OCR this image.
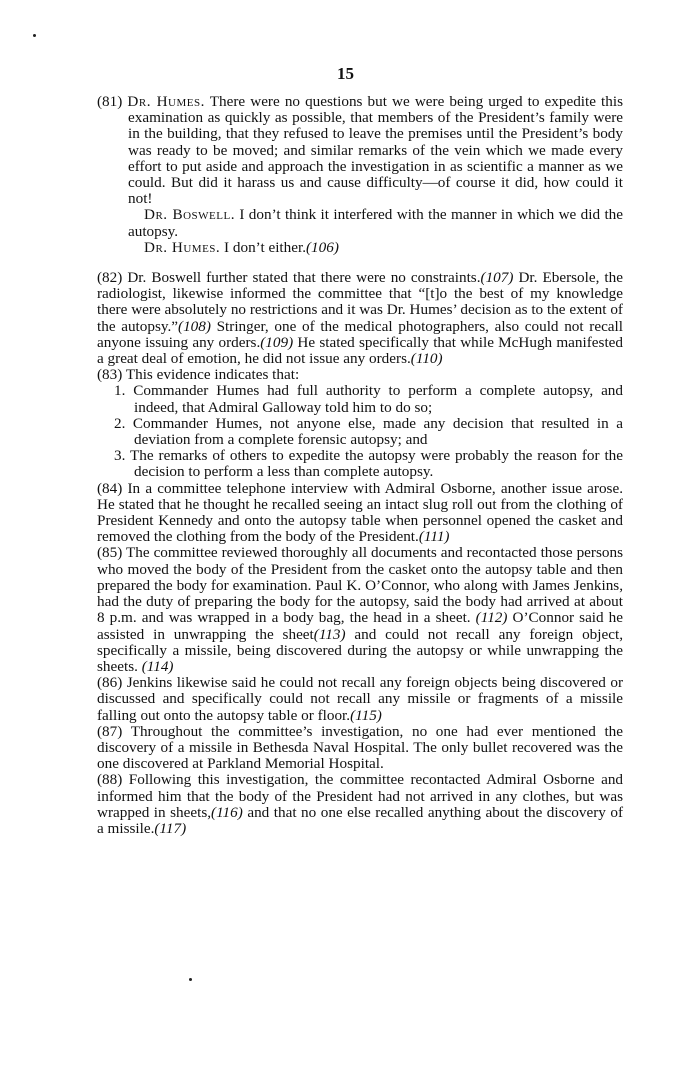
15

(81) Dr. Humes. There were no questions but we were being urged to expedite this examination as quickly as possible, that members of the President’s family were in the building, that they refused to leave the premises until the President’s body was ready to be moved; and similar remarks of the vein which we made every effort to put aside and approach the investigation in as scientific a manner as we could. But did it harass us and cause difficulty—of course it did, how could it not!

Dr. Boswell. I don’t think it interfered with the manner in which we did the autopsy.

Dr. Humes. I don’t either.(106)

(82) Dr. Boswell further stated that there were no constraints.(107) Dr. Ebersole, the radiologist, likewise informed the committee that “[t]o the best of my knowledge there were absolutely no restrictions and it was Dr. Humes’ decision as to the extent of the autopsy.”(108) Stringer, one of the medical photographers, also could not recall anyone issuing any orders.(109) He stated specifically that while McHugh manifested a great deal of emotion, he did not issue any orders.(110)

(83) This evidence indicates that:

1. Commander Humes had full authority to perform a complete autopsy, and indeed, that Admiral Galloway told him to do so;
2. Commander Humes, not anyone else, made any decision that resulted in a deviation from a complete forensic autopsy; and
3. The remarks of others to expedite the autopsy were probably the reason for the decision to perform a less than complete autopsy.

(84) In a committee telephone interview with Admiral Osborne, another issue arose. He stated that he thought he recalled seeing an intact slug roll out from the clothing of President Kennedy and onto the autopsy table when personnel opened the casket and removed the clothing from the body of the President.(111)

(85) The committee reviewed thoroughly all documents and recontacted those persons who moved the body of the President from the casket onto the autopsy table and then prepared the body for examination. Paul K. O’Connor, who along with James Jenkins, had the duty of preparing the body for the autopsy, said the body had arrived at about 8 p.m. and was wrapped in a body bag, the head in a sheet. (112) O’Connor said he assisted in unwrapping the sheet(113) and could not recall any foreign object, specifically a missile, being discovered during the autopsy or while unwrapping the sheets. (114)

(86) Jenkins likewise said he could not recall any foreign objects being discovered or discussed and specifically could not recall any missile or fragments of a missile falling out onto the autopsy table or floor.(115)

(87) Throughout the committee’s investigation, no one had ever mentioned the discovery of a missile in Bethesda Naval Hospital. The only bullet recovered was the one discovered at Parkland Memorial Hospital.

(88) Following this investigation, the committee recontacted Admiral Osborne and informed him that the body of the President had not arrived in any clothes, but was wrapped in sheets,(116) and that no one else recalled anything about the discovery of a missile.(117)
